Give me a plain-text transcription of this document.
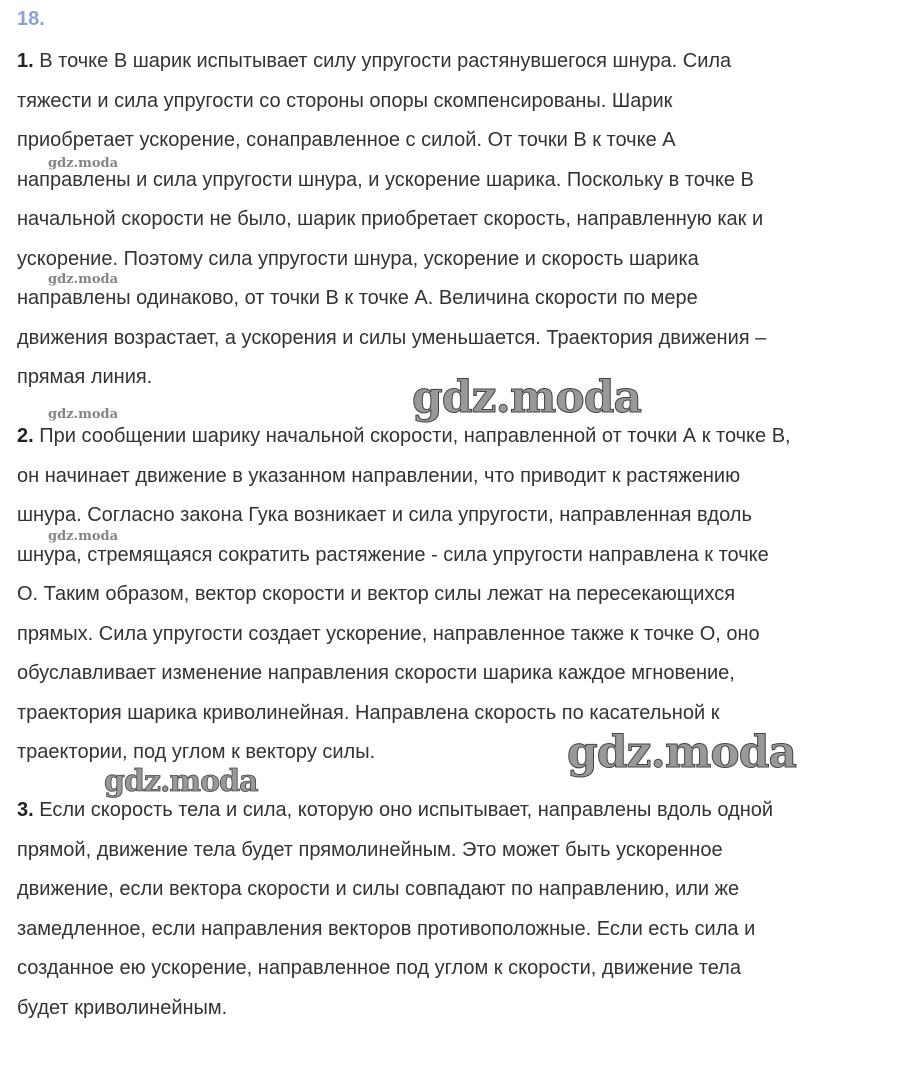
18.
1. В точке В шарик испытывает силу упругости растянувшегося шнура. Сила
тяжести и сила упругости со стороны опоры скомпенсированы. Шарик
приобретает ускорение, сонаправленное с силой. От точки В к точке А
направлены и сила упругости шнура, и ускорение шарика. Поскольку в точке В
начальной скорости не было, шарик приобретает скорость, направленную как и
ускорение. Поэтому сила упругости шнура, ускорение и скорость шарика
направлены одинаково, от точки В к точке А. Величина скорости по мере
движения возрастает, а ускорения и силы уменьшается. Траектория движения –
прямая линия.
2. При сообщении шарику начальной скорости, направленной от точки А к точке В,
он начинает движение в указанном направлении, что приводит к растяжению
шнура. Согласно закона Гука возникает и сила упругости, направленная вдоль
шнура, стремящаяся сократить растяжение - сила упругости направлена к точке
О. Таким образом, вектор скорости и вектор силы лежат на пересекающихся
прямых. Сила упругости создает ускорение, направленное также к точке О, оно
обуславливает изменение направления скорости шарика каждое мгновение,
траектория шарика криволинейная. Направлена скорость по касательной к
траектории, под углом к вектору силы.
3. Если скорость тела и сила, которую оно испытывает, направлены вдоль одной
прямой, движение тела будет прямолинейным. Это может быть ускоренное
движение, если вектора скорости и силы совпадают по направлению, или же
замедленное, если направления векторов противоположные. Если есть сила и
созданное ею ускорение, направленное под углом к скорости, движение тела
будет криволинейным.
gdz.moda
gdz.moda
gdz.moda
gdz.moda
gdz.moda
gdz.moda
gdz.moda
